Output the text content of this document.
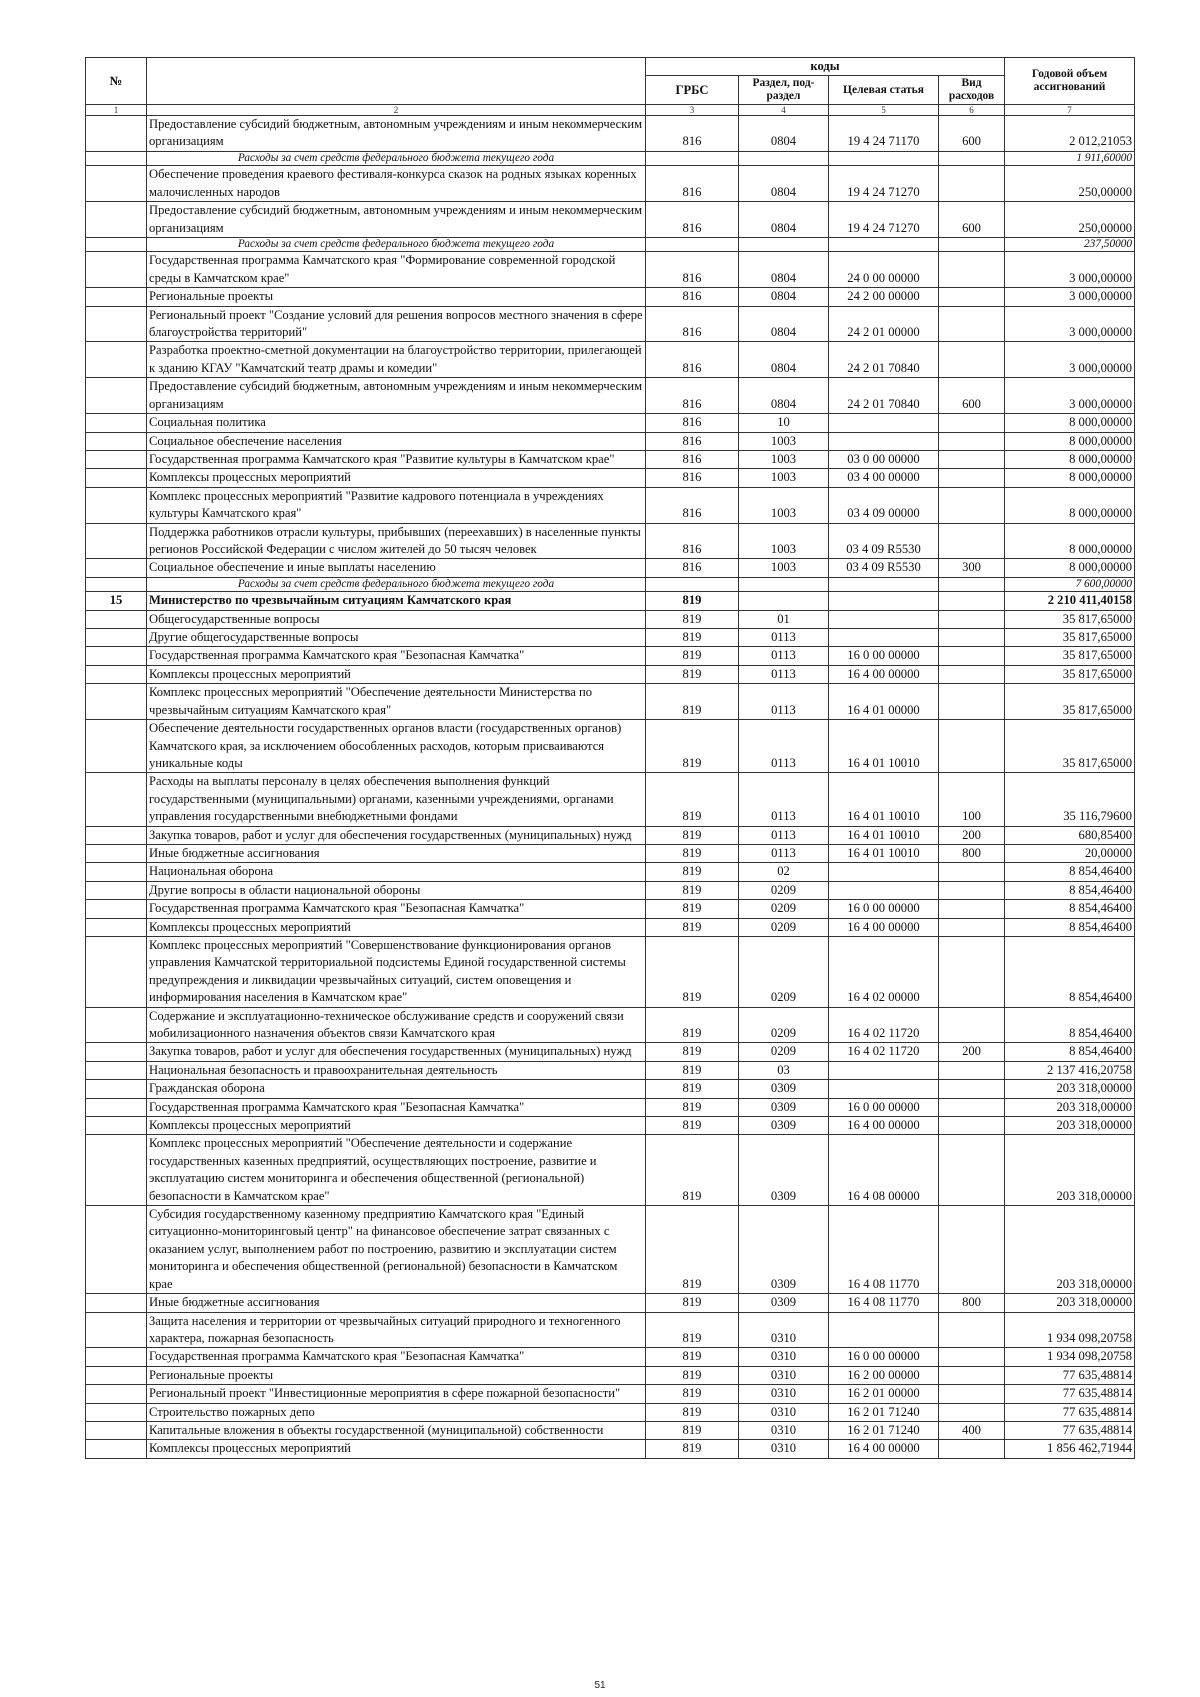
№		коды				Годовой объем ассигнований
		ГРБС	Раздел, под-раздел	Целевая статья	Вид расходов	
1	2	3	4	5	6	7
	Предоставление субсидий бюджетным, автономным учреждениям и иным некоммерческим организациям	816	0804	19 4 24 71170	600	2 012,21053
	Расходы за счет средств федерального бюджета текущего года					1 911,60000
	Обеспечение проведения краевого фестиваля-конкурса сказок на родных языках коренных малочисленных народов	816	0804	19 4 24 71270		250,00000
	Предоставление субсидий бюджетным, автономным учреждениям и иным некоммерческим организациям	816	0804	19 4 24 71270	600	250,00000
	Расходы за счет средств федерального бюджета текущего года					237,50000
	Государственная программа Камчатского края "Формирование современной городской среды в Камчатском крае"	816	0804	24 0 00 00000		3 000,00000
	Региональные проекты	816	0804	24 2 00 00000		3 000,00000
	Региональный проект "Создание условий для решения вопросов местного значения в сфере благоустройства территорий"	816	0804	24 2 01 00000		3 000,00000
	Разработка проектно-сметной документации на благоустройство территории, прилегающей к зданию КГАУ "Камчатский театр драмы и комедии"	816	0804	24 2 01 70840		3 000,00000
	Предоставление субсидий бюджетным, автономным учреждениям и иным некоммерческим организациям	816	0804	24 2 01 70840	600	3 000,00000
	Социальная политика	816	10			8 000,00000
	Социальное обеспечение населения	816	1003			8 000,00000
	Государственная программа Камчатского края "Развитие культуры в Камчатском крае"	816	1003	03 0 00 00000		8 000,00000
	Комплексы процессных мероприятий	816	1003	03 4 00 00000		8 000,00000
	Комплекс процессных мероприятий "Развитие кадрового потенциала в учреждениях культуры Камчатского края"	816	1003	03 4 09 00000		8 000,00000
	Поддержка работников отрасли культуры, прибывших (переехавших) в населенные пункты регионов Российской Федерации с числом жителей до 50 тысяч человек	816	1003	03 4 09 R5530		8 000,00000
	Социальное обеспечение и иные выплаты населению	816	1003	03 4 09 R5530	300	8 000,00000
	Расходы за счет средств федерального бюджета текущего года					7 600,00000
15	Министерство по чрезвычайным ситуациям Камчатского края	819				2 210 411,40158
	Общегосударственные вопросы	819	01			35 817,65000
	Другие общегосударственные вопросы	819	0113			35 817,65000
	Государственная программа Камчатского края "Безопасная Камчатка"	819	0113	16 0 00 00000		35 817,65000
	Комплексы процессных мероприятий	819	0113	16 4 00 00000		35 817,65000
	Комплекс процессных мероприятий "Обеспечение деятельности Министерства по чрезвычайным ситуациям Камчатского края"	819	0113	16 4 01 00000		35 817,65000
	Обеспечение деятельности государственных органов власти (государственных органов) Камчатского края, за исключением обособленных расходов, которым присваиваются уникальные коды	819	0113	16 4 01 10010		35 817,65000
	Расходы на выплаты персоналу в целях обеспечения выполнения функций государственными (муниципальными) органами, казенными учреждениями, органами управления государственными внебюджетными фондами	819	0113	16 4 01 10010	100	35 116,79600
	Закупка товаров, работ и услуг для обеспечения государственных (муниципальных) нужд	819	0113	16 4 01 10010	200	680,85400
	Иные бюджетные ассигнования	819	0113	16 4 01 10010	800	20,00000
	Национальная оборона	819	02			8 854,46400
	Другие вопросы в области национальной обороны	819	0209			8 854,46400
	Государственная программа Камчатского края "Безопасная Камчатка"	819	0209	16 0 00 00000		8 854,46400
	Комплексы процессных мероприятий	819	0209	16 4 00 00000		8 854,46400
	Комплекс процессных мероприятий "Совершенствование функционирования органов управления Камчатской территориальной подсистемы Единой государственной системы предупреждения и ликвидации чрезвычайных ситуаций, систем оповещения и информирования населения в Камчатском крае"	819	0209	16 4 02 00000		8 854,46400
	Содержание и эксплуатационно-техническое обслуживание средств и сооружений связи мобилизационного назначения объектов связи Камчатского края	819	0209	16 4 02 11720		8 854,46400
	Закупка товаров, работ и услуг для обеспечения государственных (муниципальных) нужд	819	0209	16 4 02 11720	200	8 854,46400
	Национальная безопасность и правоохранительная деятельность	819	03			2 137 416,20758
	Гражданская оборона	819	0309			203 318,00000
	Государственная программа Камчатского края "Безопасная Камчатка"	819	0309	16 0 00 00000		203 318,00000
	Комплексы процессных мероприятий	819	0309	16 4 00 00000		203 318,00000
	Комплекс процессных мероприятий "Обеспечение деятельности и содержание государственных казенных предприятий, осуществляющих построение, развитие и эксплуатацию систем мониторинга и обеспечения общественной (региональной) безопасности в Камчатском крае"	819	0309	16 4 08 00000		203 318,00000
	Субсидия государственному казенному предприятию Камчатского края "Единый ситуационно-мониторинговый центр" на финансовое обеспечение затрат связанных с оказанием услуг, выполнением работ по построению, развитию и эксплуатации систем мониторинга и обеспечения общественной (региональной) безопасности в Камчатском крае	819	0309	16 4 08 11770		203 318,00000
	Иные бюджетные ассигнования	819	0309	16 4 08 11770	800	203 318,00000
	Защита населения и территории от чрезвычайных ситуаций природного и техногенного характера, пожарная безопасность	819	0310			1 934 098,20758
	Государственная программа Камчатского края "Безопасная Камчатка"	819	0310	16 0 00 00000		1 934 098,20758
	Региональные проекты	819	0310	16 2 00 00000		77 635,48814
	Региональный проект "Инвестиционные мероприятия в сфере пожарной безопасности"	819	0310	16 2 01 00000		77 635,48814
	Строительство пожарных депо	819	0310	16 2 01 71240		77 635,48814
	Капитальные вложения в объекты государственной (муниципальной) собственности	819	0310	16 2 01 71240	400	77 635,48814
	Комплексы процессных мероприятий	819	0310	16 4 00 00000		1 856 462,71944
51
